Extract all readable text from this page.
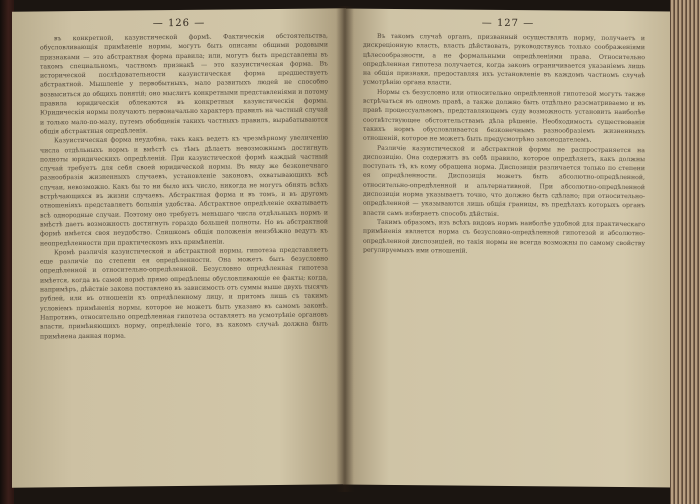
— 126 —

въ конкретной, казуистической формѣ. Фактическія обстоятельства, обусловливающія примѣненіе нормы, могутъ быть описаны общими родовыми признаками — это абстрактная форма правила; или, могутъ быть представлены въ такомъ специальномъ, частномъ признакѣ — это казуистическая форма. Въ исторической послѣдовательности казуистическая форма предшествуетъ абстрактной. Мышленіе у первобытныхъ, мало развитыхъ людей не способно возвыситься до общихъ понятій; оно мыслитъ конкретными представленіями и потому правила юридическія облекаются въ конкретныя казуистическія формы. Юридическія нормы получаютъ первоначально характеръ правилъ на частный случай и только мало-по-малу, путемъ обобщенія такихъ частныхъ правилъ, вырабатываются общія абстрактныя опредѣленія.

Казуистическая форма неудобна, такъ какъ ведетъ къ чрезмѣрному увеличенію числа отдѣльныхъ нормъ и вмѣстѣ съ тѣмъ дѣлаетъ невозможнымъ достигнуть полноты юридическихъ опредѣленій. При казуистической формѣ каждый частный случай требуетъ для себя своей юридической нормы. Въ виду же безконечнаго разнообразія жизненныхъ случаевъ, установленіе законовъ, охватывающихъ всѣ случаи, невозможно. Какъ бы то ни было ихъ число, никогда не могутъ обнять всѣхъ встрѣчающихся въ жизни случаевъ. Абстрактная форма и въ томъ, и въ другомъ отношеніяхъ представляетъ большія удобства. Абстрактное опредѣленіе охватываетъ всѣ однородные случаи. Поэтому оно требуетъ меньшаго числа отдѣльныхъ нормъ и вмѣстѣ даетъ возможность достигнуть гораздо большей полноты. Но въ абстрактной формѣ имѣется своя неудобство. Слишкомъ общія положенія неизбѣжно ведутъ къ неопредѣленности при практическомъ ихъ примѣненіи.

Кромѣ различія казуистической и абстрактной нормы, гипотеза представляетъ еще различіе по степени ея опредѣленности. Она можетъ быть безусловно опредѣленной и относительно-опредѣленной. Безусловно опредѣленная гипотеза имѣется, когда въ самой нормѣ прямо опредѣлены обусловливающіе ее факты; когда, напримѣръ, дѣйствіе закона поставлено въ зависимость отъ суммы выше двухъ тысячъ рублей, или въ отношеніи къ опредѣленному лицу, и притомъ лишь съ такимъ условіемъ примѣненія нормы, которое не можетъ быть указано въ самомъ законѣ. Напротивъ, относительно опредѣленная гипотеза оставляетъ на усмотрѣніе органовъ власти, примѣняющихъ норму, опредѣленіе того, въ какомъ случаѣ должна быть примѣнена данная норма.

— 127 —

Въ такомъ случаѣ органъ, призванный осуществлять норму, получаетъ и дискреціонную власть, власть дѣйствовать, руководствуясь только соображеніями цѣлесообразности, а не формальными опредѣленіями права. Относительно опредѣленная гипотеза получается, когда законъ ограничивается указаніемъ лишь на общія признаки, предоставляя ихъ установленіе въ каждомъ частномъ случаѣ усмотрѣнію органа власти.

Нормы съ безусловно или относительно опредѣленной гипотезой могутъ также встрѣчаться въ одномъ правѣ, а также должно быть отдѣльно разсматриваемо и въ правѣ процессуальномъ, представляющемъ суду возможность установить наиболѣе соотвѣтствующее обстоятельствамъ дѣла рѣшеніе. Необходимость существованія такихъ нормъ обусловливается безконечнымъ разнообразіемъ жизненныхъ отношеній, которое не можетъ быть предусмотрѣно законодателемъ.

Различіе казуистической и абстрактной формы не распространяется на диспозицію. Она содержитъ въ себѣ правило, которое опредѣляетъ, какъ должны поступать тѣ, къ кому обращена норма. Диспозиція различается только по степени ея опредѣленности. Диспозиція можетъ быть абсолютно-опредѣленной, относительно-опредѣленной и альтернативной. При абсолютно-опредѣленной диспозиціи норма указываетъ точно, что должно быть сдѣлано; при относительно-опредѣленной — указываются лишь общія границы, въ предѣлахъ которыхъ органъ власти самъ избираетъ способъ дѣйствія.

Такимъ образомъ, изъ всѣхъ видовъ нормъ наиболѣе удобной для практическаго примѣненія является норма съ безусловно-опредѣленной гипотезой и абсолютно-опредѣленной диспозиціей, но такія нормы не всегда возможны по самому свойству регулируемыхъ ими отношеній.
